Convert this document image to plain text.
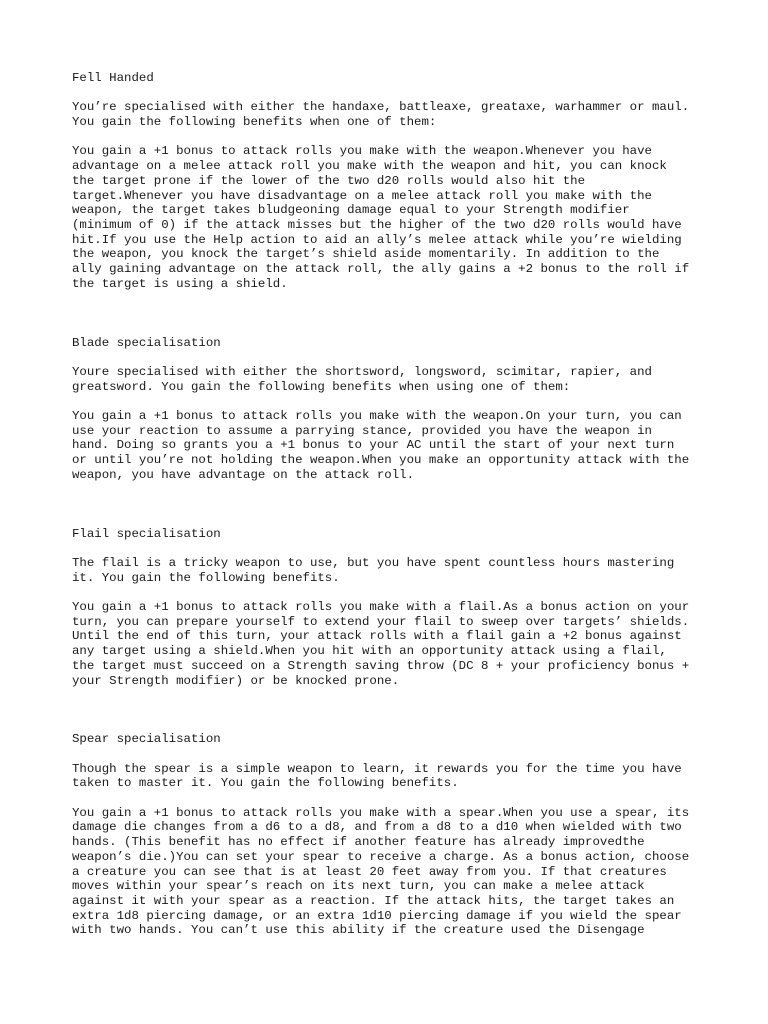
Fell Handed

You’re specialised with either the handaxe, battleaxe, greataxe, warhammer or maul.
You gain the following benefits when one of them:

You gain a +1 bonus to attack rolls you make with the weapon.Whenever you have
advantage on a melee attack roll you make with the weapon and hit, you can knock
the target prone if the lower of the two d20 rolls would also hit the
target.Whenever you have disadvantage on a melee attack roll you make with the
weapon, the target takes bludgeoning damage equal to your Strength modifier
(minimum of 0) if the attack misses but the higher of the two d20 rolls would have
hit.If you use the Help action to aid an ally’s melee attack while you’re wielding
the weapon, you knock the target’s shield aside momentarily. In addition to the
ally gaining advantage on the attack roll, the ally gains a +2 bonus to the roll if
the target is using a shield.

Blade specialisation

Youre specialised with either the shortsword, longsword, scimitar, rapier, and
greatsword. You gain the following benefits when using one of them:

You gain a +1 bonus to attack rolls you make with the weapon.On your turn, you can
use your reaction to assume a parrying stance, provided you have the weapon in
hand. Doing so grants you a +1 bonus to your AC until the start of your next turn
or until you’re not holding the weapon.When you make an opportunity attack with the
weapon, you have advantage on the attack roll.

Flail specialisation

The flail is a tricky weapon to use, but you have spent countless hours mastering
it. You gain the following benefits.

You gain a +1 bonus to attack rolls you make with a flail.As a bonus action on your
turn, you can prepare yourself to extend your flail to sweep over targets’ shields.
Until the end of this turn, your attack rolls with a flail gain a +2 bonus against
any target using a shield.When you hit with an opportunity attack using a flail,
the target must succeed on a Strength saving throw (DC 8 + your proficiency bonus +
your Strength modifier) or be knocked prone.

Spear specialisation

Though the spear is a simple weapon to learn, it rewards you for the time you have
taken to master it. You gain the following benefits.

You gain a +1 bonus to attack rolls you make with a spear.When you use a spear, its
damage die changes from a d6 to a d8, and from a d8 to a d10 when wielded with two
hands. (This benefit has no effect if another feature has already improvedthe
weapon’s die.)You can set your spear to receive a charge. As a bonus action, choose
a creature you can see that is at least 20 feet away from you. If that creatures
moves within your spear’s reach on its next turn, you can make a melee attack
against it with your spear as a reaction. If the attack hits, the target takes an
extra 1d8 piercing damage, or an extra 1d10 piercing damage if you wield the spear
with two hands. You can’t use this ability if the creature used the Disengage
